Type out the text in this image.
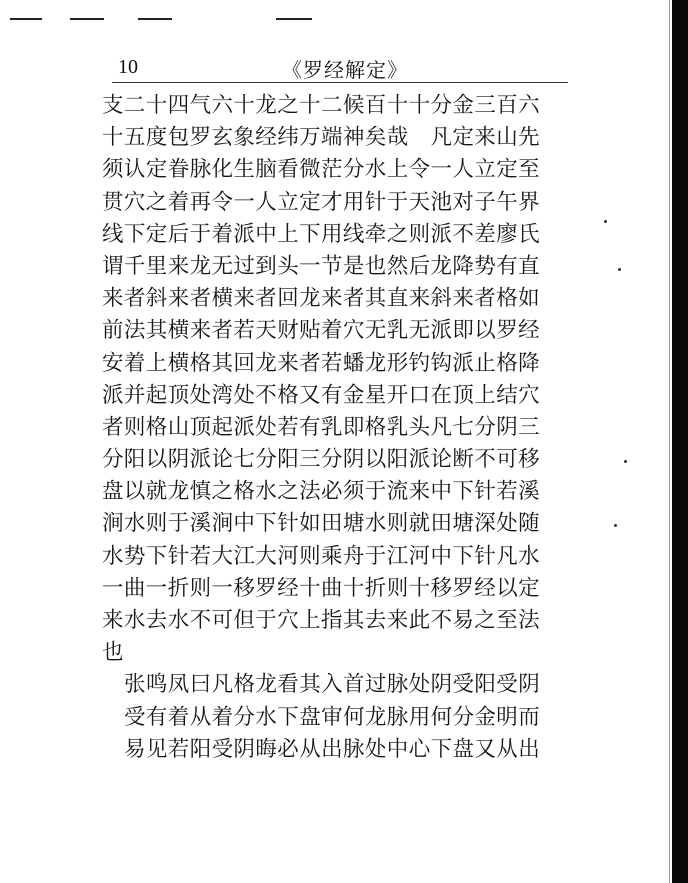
10	《罗经解定》
支二十四气六十龙之十二候百十十分金三百六
十五度包罗玄象经纬万端神矣哉　凡定来山先
须认定眷脉化生脑看微茫分水上令一人立定至
贯穴之着再令一人立定才用针于天池对子午界
线下定后于着派中上下用线牵之则派不差廖氏
谓千里来龙无过到头一节是也然后龙降势有直
来者斜来者横来者回龙来者其直来斜来者格如
前法其横来者若天财贴着穴无乳无派即以罗经
安着上横格其回龙来者若蟠龙形钓钩派止格降
派并起顶处湾处不格又有金星开口在顶上结穴
者则格山顶起派处若有乳即格乳头凡七分阴三
分阳以阴派论七分阳三分阴以阳派论断不可移
盘以就龙慎之格水之法必须于流来中下针若溪
涧水则于溪涧中下针如田塘水则就田塘深处随
水势下针若大江大河则乘舟于江河中下针凡水
一曲一折则一移罗经十曲十折则十移罗经以定
来水去水不可但于穴上指其去来此不易之至法
也
张鸣凤曰凡格龙看其入首过脉处阴受阳受阴
受有着从着分水下盘审何龙脉用何分金明而
易见若阳受阴晦必从出脉处中心下盘又从出
